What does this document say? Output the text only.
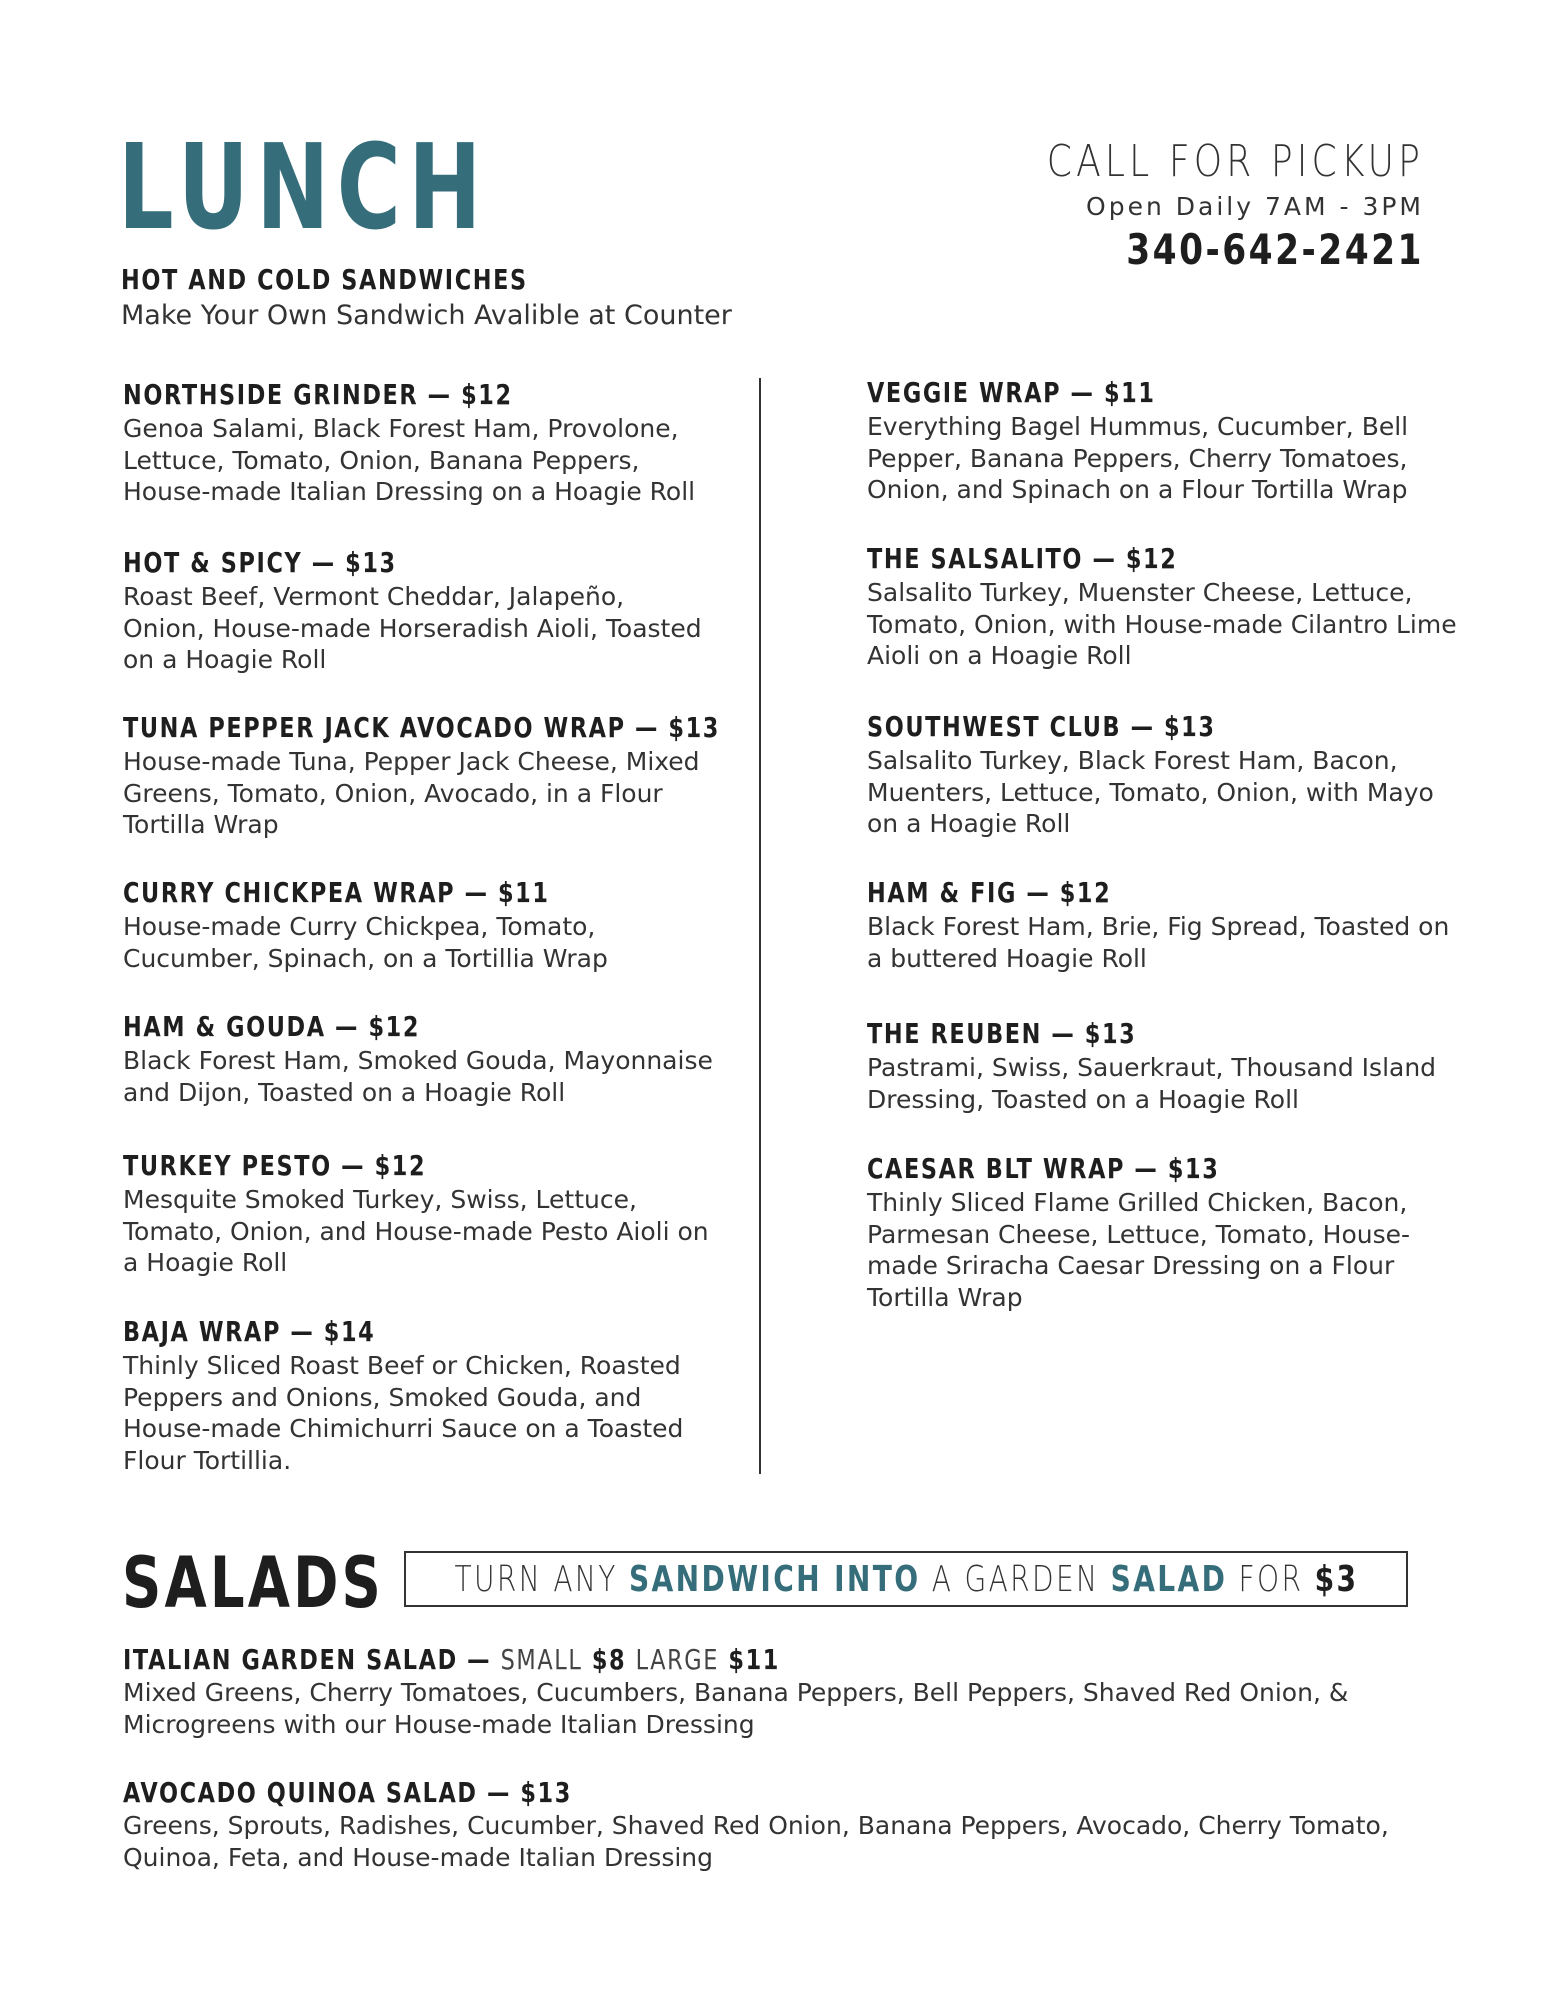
LUNCH	CALL FOR PICKUP
Open Daily 7AM - 3PM
340-642-2421
HOT AND COLD SANDWICHES
Make Your Own Sandwich Avalible at Counter
NORTHSIDE GRINDER — $12
Genoa Salami, Black Forest Ham, Provolone, Lettuce, Tomato, Onion, Banana Peppers, House-made Italian Dressing on a Hoagie Roll
HOT & SPICY — $13
Roast Beef, Vermont Cheddar, Jalapeño, Onion, House-made Horseradish Aioli, Toasted on a Hoagie Roll
TUNA PEPPER JACK AVOCADO WRAP — $13
House-made Tuna, Pepper Jack Cheese, Mixed Greens, Tomato, Onion, Avocado, in a Flour Tortilla Wrap
CURRY CHICKPEA WRAP — $11
House-made Curry Chickpea, Tomato, Cucumber, Spinach, on a Tortillia Wrap
HAM & GOUDA — $12
Black Forest Ham, Smoked Gouda, Mayonnaise and Dijon, Toasted on a Hoagie Roll
TURKEY PESTO — $12
Mesquite Smoked Turkey, Swiss, Lettuce, Tomato, Onion, and House-made Pesto Aioli on a Hoagie Roll
BAJA WRAP — $14
Thinly Sliced Roast Beef or Chicken, Roasted Peppers and Onions, Smoked Gouda, and House-made Chimichurri Sauce on a Toasted Flour Tortillia.
VEGGIE WRAP — $11
Everything Bagel Hummus, Cucumber, Bell Pepper, Banana Peppers, Cherry Tomatoes, Onion, and Spinach on a Flour Tortilla Wrap
THE SALSALITO — $12
Salsalito Turkey, Muenster Cheese, Lettuce, Tomato, Onion, with House-made Cilantro Lime Aioli on a Hoagie Roll
SOUTHWEST CLUB — $13
Salsalito Turkey, Black Forest Ham, Bacon, Muenters, Lettuce, Tomato, Onion, with Mayo on a Hoagie Roll
HAM & FIG — $12
Black Forest Ham, Brie, Fig Spread, Toasted on a buttered Hoagie Roll
THE REUBEN — $13
Pastrami, Swiss, Sauerkraut, Thousand Island Dressing, Toasted on a Hoagie Roll
CAESAR BLT WRAP — $13
Thinly Sliced Flame Grilled Chicken, Bacon, Parmesan Cheese, Lettuce, Tomato, House-made Sriracha Caesar Dressing on a Flour Tortilla Wrap
SALADS TURN ANY SANDWICH INTO A GARDEN SALAD FOR $3
ITALIAN GARDEN SALAD — SMALL $8 LARGE $11
Mixed Greens, Cherry Tomatoes, Cucumbers, Banana Peppers, Bell Peppers, Shaved Red Onion, & Microgreens with our House-made Italian Dressing
AVOCADO QUINOA SALAD — $13
Greens, Sprouts, Radishes, Cucumber, Shaved Red Onion, Banana Peppers, Avocado, Cherry Tomato, Quinoa, Feta, and House-made Italian Dressing
